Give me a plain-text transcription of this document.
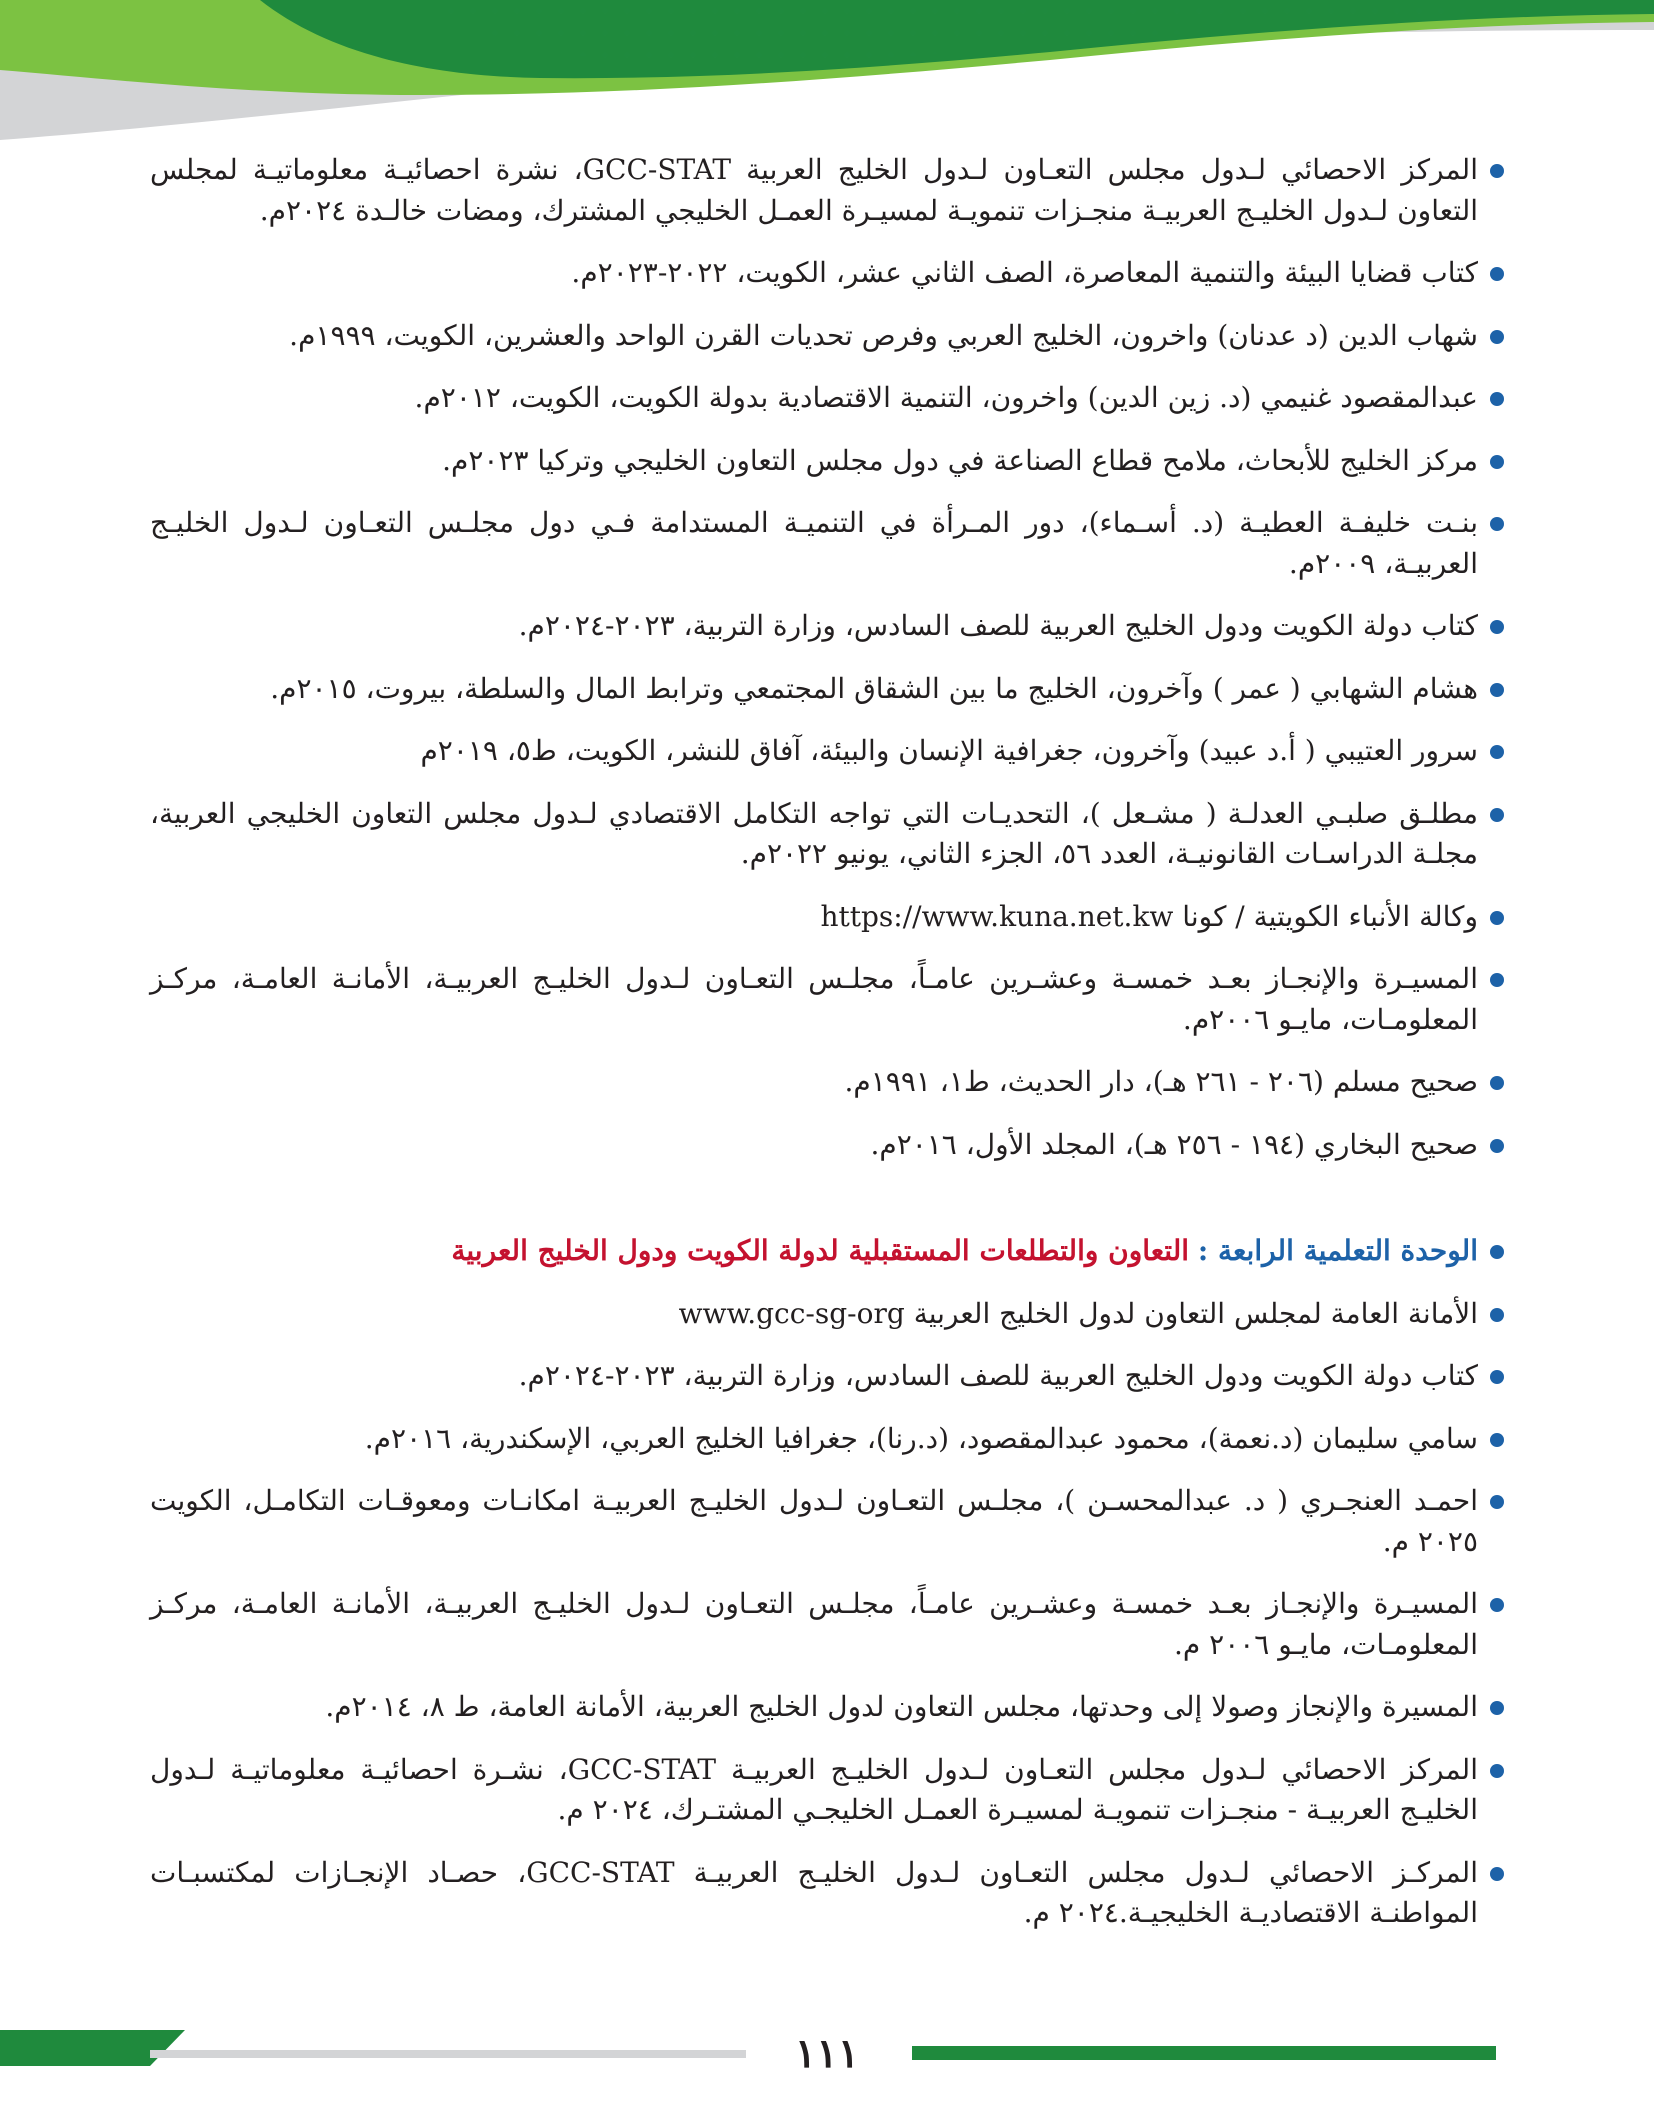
المركز الاحصائي لـدول مجلس التعـاون لـدول الخليج العربية GCC-STAT، نشرة احصائيـة معلوماتيـة لمجلس التعاون لـدول الخليـج العربيـة منجـزات تنمويـة لمسيـرة العمـل الخليجي المشترك، ومضات خالـدة ٢٠٢٤م.
كتاب قضايا البيئة والتنمية المعاصرة، الصف الثاني عشر، الكويت، ٢٠٢٢-٢٠٢٣م.
شهاب الدين (د عدنان) واخرون، الخليج العربي وفرص تحديات القرن الواحد والعشرين، الكويت، ١٩٩٩م.
عبدالمقصود غنيمي (د. زين الدين) واخرون، التنمية الاقتصادية بدولة الكويت، الكويت، ٢٠١٢م.
مركز الخليج للأبحاث، ملامح قطاع الصناعة في دول مجلس التعاون الخليجي وتركيا ٢٠٢٣م.
بنـت خليفـة العطيـة (د. أسـماء)، دور المـرأة في التنميـة المستدامة فـي دول مجلـس التعـاون لـدول الخليـج العربيـة، ٢٠٠٩م.
كتاب دولة الكويت ودول الخليج العربية للصف السادس، وزارة التربية، ٢٠٢٣-٢٠٢٤م.
هشام الشهابي ( عمر ) وآخرون، الخليج ما بين الشقاق المجتمعي وترابط المال والسلطة، بيروت، ٢٠١٥م.
سرور العتيبي ( أ.د عبيد) وآخرون، جغرافية الإنسان والبيئة، آفاق للنشر، الكويت، ط٥، ٢٠١٩م
مطلـق صلبـي العدلـة ( مشـعل )، التحديـات التي تواجه التكامل الاقتصادي لـدول مجلس التعاون الخليجي العربية، مجلـة الدراسـات القانونيـة، العدد ٥٦، الجزء الثاني، يونيو ٢٠٢٢م.
وكالة الأنباء الكويتية / كونا https://www.kuna.net.kw
المسيـرة والإنجـاز بعـد خمسـة وعشـرين عامـاً، مجلـس التعـاون لـدول الخليـج العربيـة، الأمانـة العامـة، مركـز المعلومـات، مايـو ٢٠٠٦م.
صحيح مسلم (٢٠٦ - ٢٦١ هـ)، دار الحديث، ط١، ١٩٩١م.
صحيح البخاري (١٩٤ - ٢٥٦ هـ)، المجلد الأول، ٢٠١٦م.
الوحدة التعلمية الرابعة : التعاون والتطلعات المستقبلية لدولة الكويت ودول الخليج العربية
الأمانة العامة لمجلس التعاون لدول الخليج العربية www.gcc-sg-org
كتاب دولة الكويت ودول الخليج العربية للصف السادس، وزارة التربية، ٢٠٢٣-٢٠٢٤م.
سامي سليمان (د.نعمة)، محمود عبدالمقصود، (د.رنا)، جغرافيا الخليج العربي، الإسكندرية، ٢٠١٦م.
احمـد العنجـري ( د. عبدالمحسـن )، مجلـس التعـاون لـدول الخليـج العربيـة امكانـات ومعوقـات التكامـل، الكويت ٢٠٢٥ م.
المسيـرة والإنجـاز بعـد خمسـة وعشـرين عامـاً، مجلـس التعـاون لـدول الخليـج العربيـة، الأمانـة العامـة، مركـز المعلومـات، مايـو ٢٠٠٦ م.
المسيرة والإنجاز وصولا إلى وحدتها، مجلس التعاون لدول الخليج العربية، الأمانة العامة، ط ٨، ٢٠١٤م.
المركز الاحصائي لـدول مجلس التعـاون لـدول الخليـج العربيـة GCC-STAT، نشـرة احصائيـة معلوماتيـة لـدول الخليـج العربيـة - منجـزات تنمويـة لمسيـرة العمـل الخليجـي المشتـرك، ٢٠٢٤ م.
المركـز الاحصائي لـدول مجلس التعـاون لـدول الخليـج العربيـة GCC-STAT، حصـاد الإنجـازات لمكتسبـات المواطنـة الاقتصاديـة الخليجيـة.٢٠٢٤ م.
١١١
